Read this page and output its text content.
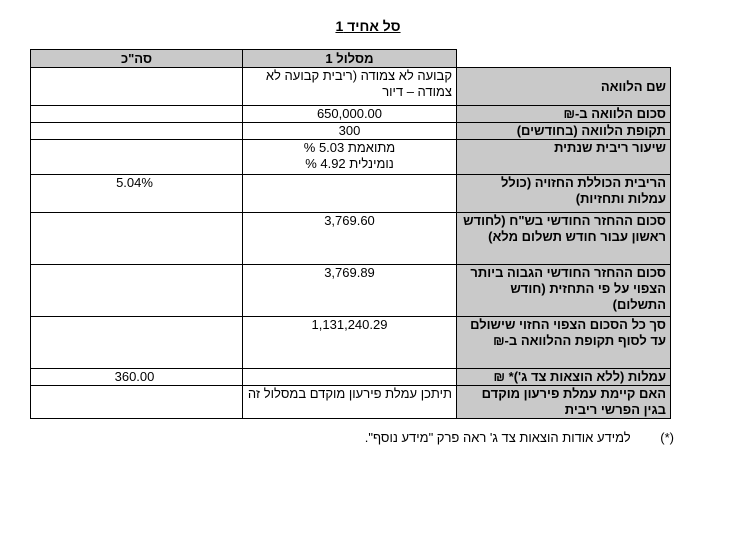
סל אחיד 1
	מסלול 1	סה"כ
שם הלוואה	קבועה לא צמודה (ריבית קבועה לא צמודה – דיור	
סכום הלוואה ב-₪	650,000.00	
תקופת הלוואה (בחודשים)	300	
שיעור ריבית שנתית	מתואמת 5.03 %
נומינלית 4.92 %	

הריבית הכוללת החזויה (כולל עמלות ותחזיות)		5.04%
סכום ההחזר החודשי בש"ח (לחודש ראשון עבור חודש תשלום מלא)	3,769.60	
סכום ההחזר החודשי הגבוה ביותר הצפוי על פי התחזית (חודש התשלום)	3,769.89	
סך כל הסכום הצפוי החזוי שישולם עד לסוף תקופת ההלוואה ב-₪	1,131,240.29	
עמלות (ללא הוצאות צד ג')* ₪		360.00
האם קיימת עמלת פירעון מוקדם בגין הפרשי ריבית	תיתכן עמלת פירעון מוקדם במסלול זה	
(*) למידע אודות הוצאות צד ג' ראה פרק "מידע נוסף".
